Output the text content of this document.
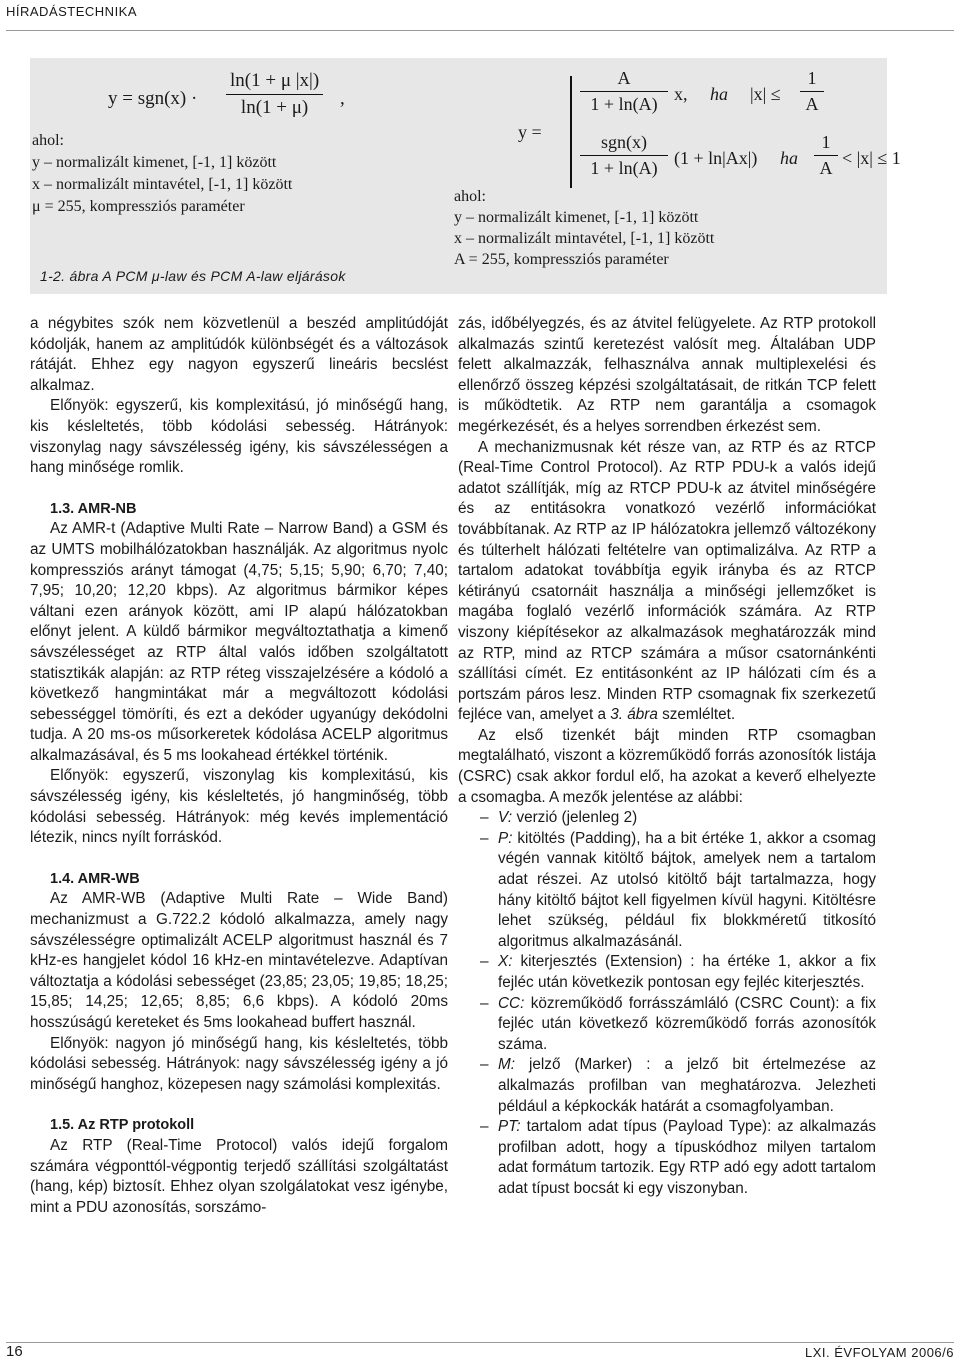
HÍRADÁSTECHNIKA
y = sgn(x) ·
ln(1 + μ |x|)
ln(1 + μ)	,
ahol:
y – normalizált kimenet, [-1, 1] között
x – normalizált mintavétel, [-1, 1] között
μ = 255, kompressziós paraméter
y =
A
1 + ln(A) x, ha |x| ≤
1
A
sgn(x)
1 + ln(A) (1 + ln|Ax|) ha
1
A < |x| ≤ 1
ahol:
y – normalizált kimenet, [-1, 1] között
x – normalizált mintavétel, [-1, 1] között
A = 255, kompressziós paraméter
1-2. ábra A PCM μ-law és PCM A-law eljárások

a négybites szók nem közvetlenül a beszéd amplitúdóját kódolják, hanem az amplitúdók különbségét és a változások rátáját. Ehhez egy nagyon egyszerű lineáris becslést alkalmaz.

Előnyök: egyszerű, kis komplexitású, jó minőségű hang, kis késleltetés, több kódolási sebesség. Hátrányok: viszonylag nagy sávszélesség igény, kis sávszélességen a hang minősége romlik.

1.3. AMR-NB

Az AMR-t (Adaptive Multi Rate – Narrow Band) a GSM és az UMTS mobilhálózatokban használják. Az algoritmus nyolc kompressziós arányt támogat (4,75; 5,15; 5,90; 6,70; 7,40; 7,95; 10,20; 12,20 kbps). Az algoritmus bármikor képes váltani ezen arányok között, ami IP alapú hálózatokban előnyt jelent. A küldő bármikor megváltoztathatja a kimenő sávszélességet az RTP által valós időben szolgáltatott statisztikák alapján: az RTP réteg visszajelzésére a kódoló a következő hangmintákat már a megváltozott kódolási sebességgel tömöríti, és ezt a dekóder ugyanúgy dekódolni tudja. A 20 ms-os műsorkeretek kódolása ACELP algoritmus alkalmazásával, és 5 ms lookahead értékkel történik.

Előnyök: egyszerű, viszonylag kis komplexitású, kis sávszélesség igény, kis késleltetés, jó hangminőség, több kódolási sebesség. Hátrányok: még kevés implementáció létezik, nincs nyílt forráskód.

1.4. AMR-WB

Az AMR-WB (Adaptive Multi Rate – Wide Band) mechanizmust a G.722.2 kódoló alkalmazza, amely nagy sávszélességre optimalizált ACELP algoritmust használ és 7 kHz-es hangjelet kódol 16 kHz-en mintavételezve. Adaptívan változtatja a kódolási sebességet (23,85; 23,05; 19,85; 18,25; 15,85; 14,25; 12,65; 8,85; 6,6 kbps). A kódoló 20ms hosszúságú kereteket és 5ms lookahead buffert használ.

Előnyök: nagyon jó minőségű hang, kis késleltetés, több kódolási sebesség. Hátrányok: nagy sávszélesség igény a jó minőségű hanghoz, közepesen nagy számolási komplexitás.

1.5. Az RTP protokoll

Az RTP (Real-Time Protocol) valós idejű forgalom számára végponttól-végpontig terjedő szállítási szolgáltatást (hang, kép) biztosít. Ehhez olyan szolgálatokat vesz igénybe, mint a PDU azonosítás, sorszámo-

zás, időbélyegzés, és az átvitel felügyelete. Az RTP protokoll alkalmazás szintű keretezést valósít meg. Általában UDP felett alkalmazzák, felhasználva annak multiplexelési és ellenőrző összeg képzési szolgáltatásait, de ritkán TCP felett is működtetik. Az RTP nem garantálja a csomagok megérkezését, és a helyes sorrendben érkezést sem.

A mechanizmusnak két része van, az RTP és az RTCP (Real-Time Control Protocol). Az RTP PDU-k a valós idejű adatot szállítják, míg az RTCP PDU-k az átvitel minőségére és az entitásokra vonatkozó vezérlő információkat továbbítanak. Az RTP az IP hálózatokra jellemző változékony és túlterhelt hálózati feltételre van optimalizálva. Az RTP a tartalom adatokat továbbítja egyik irányba és az RTCP kétirányú csatornáit használja a minőségi jellemzőket is magába foglaló vezérlő információk számára. Az RTP viszony kiépítésekor az alkalmazások meghatározzák mind az RTP, mind az RTCP számára a műsor csatornánkénti szállítási címét. Ez entitásonként az IP hálózati cím és a portszám páros lesz. Minden RTP csomagnak fix szerkezetű fejléce van, amelyet a 3. ábra szemléltet.

Az első tizenkét bájt minden RTP csomagban megtalálható, viszont a közreműködő forrás azonosítók listája (CSRC) csak akkor fordul elő, ha azokat a keverő elhelyezte a csomagba. A mezők jelentése az alábbi:

– V: verzió (jelenleg 2)
– P: kitöltés (Padding), ha a bit értéke 1, akkor a csomag végén vannak kitöltő bájtok, amelyek nem a tartalom adat részei. Az utolsó kitöltő bájt tartalmazza, hogy hány kitöltő bájtot kell figyelmen kívül hagyni. Kitöltésre lehet szükség, például fix blokkméretű titkosító algoritmus alkalmazásánál.
– X: kiterjesztés (Extension) : ha értéke 1, akkor a fix fejléc után következik pontosan egy fejléc kiterjesztés.
– CC: közreműködő forrásszámláló (CSRC Count): a fix fejléc után következő közreműködő forrás azonosítók száma.
– M: jelző (Marker) : a jelző bit értelmezése az alkalmazás profilban van meghatározva. Jelezheti például a képkockák határát a csomagfolyamban.
– PT: tartalom adat típus (Payload Type): az alkalmazás profilban adott, hogy a típuskódhoz milyen tartalom adat formátum tartozik. Egy RTP adó egy adott tartalom adat típust bocsát ki egy viszonyban.
16	LXI. ÉVFOLYAM 2006/6
